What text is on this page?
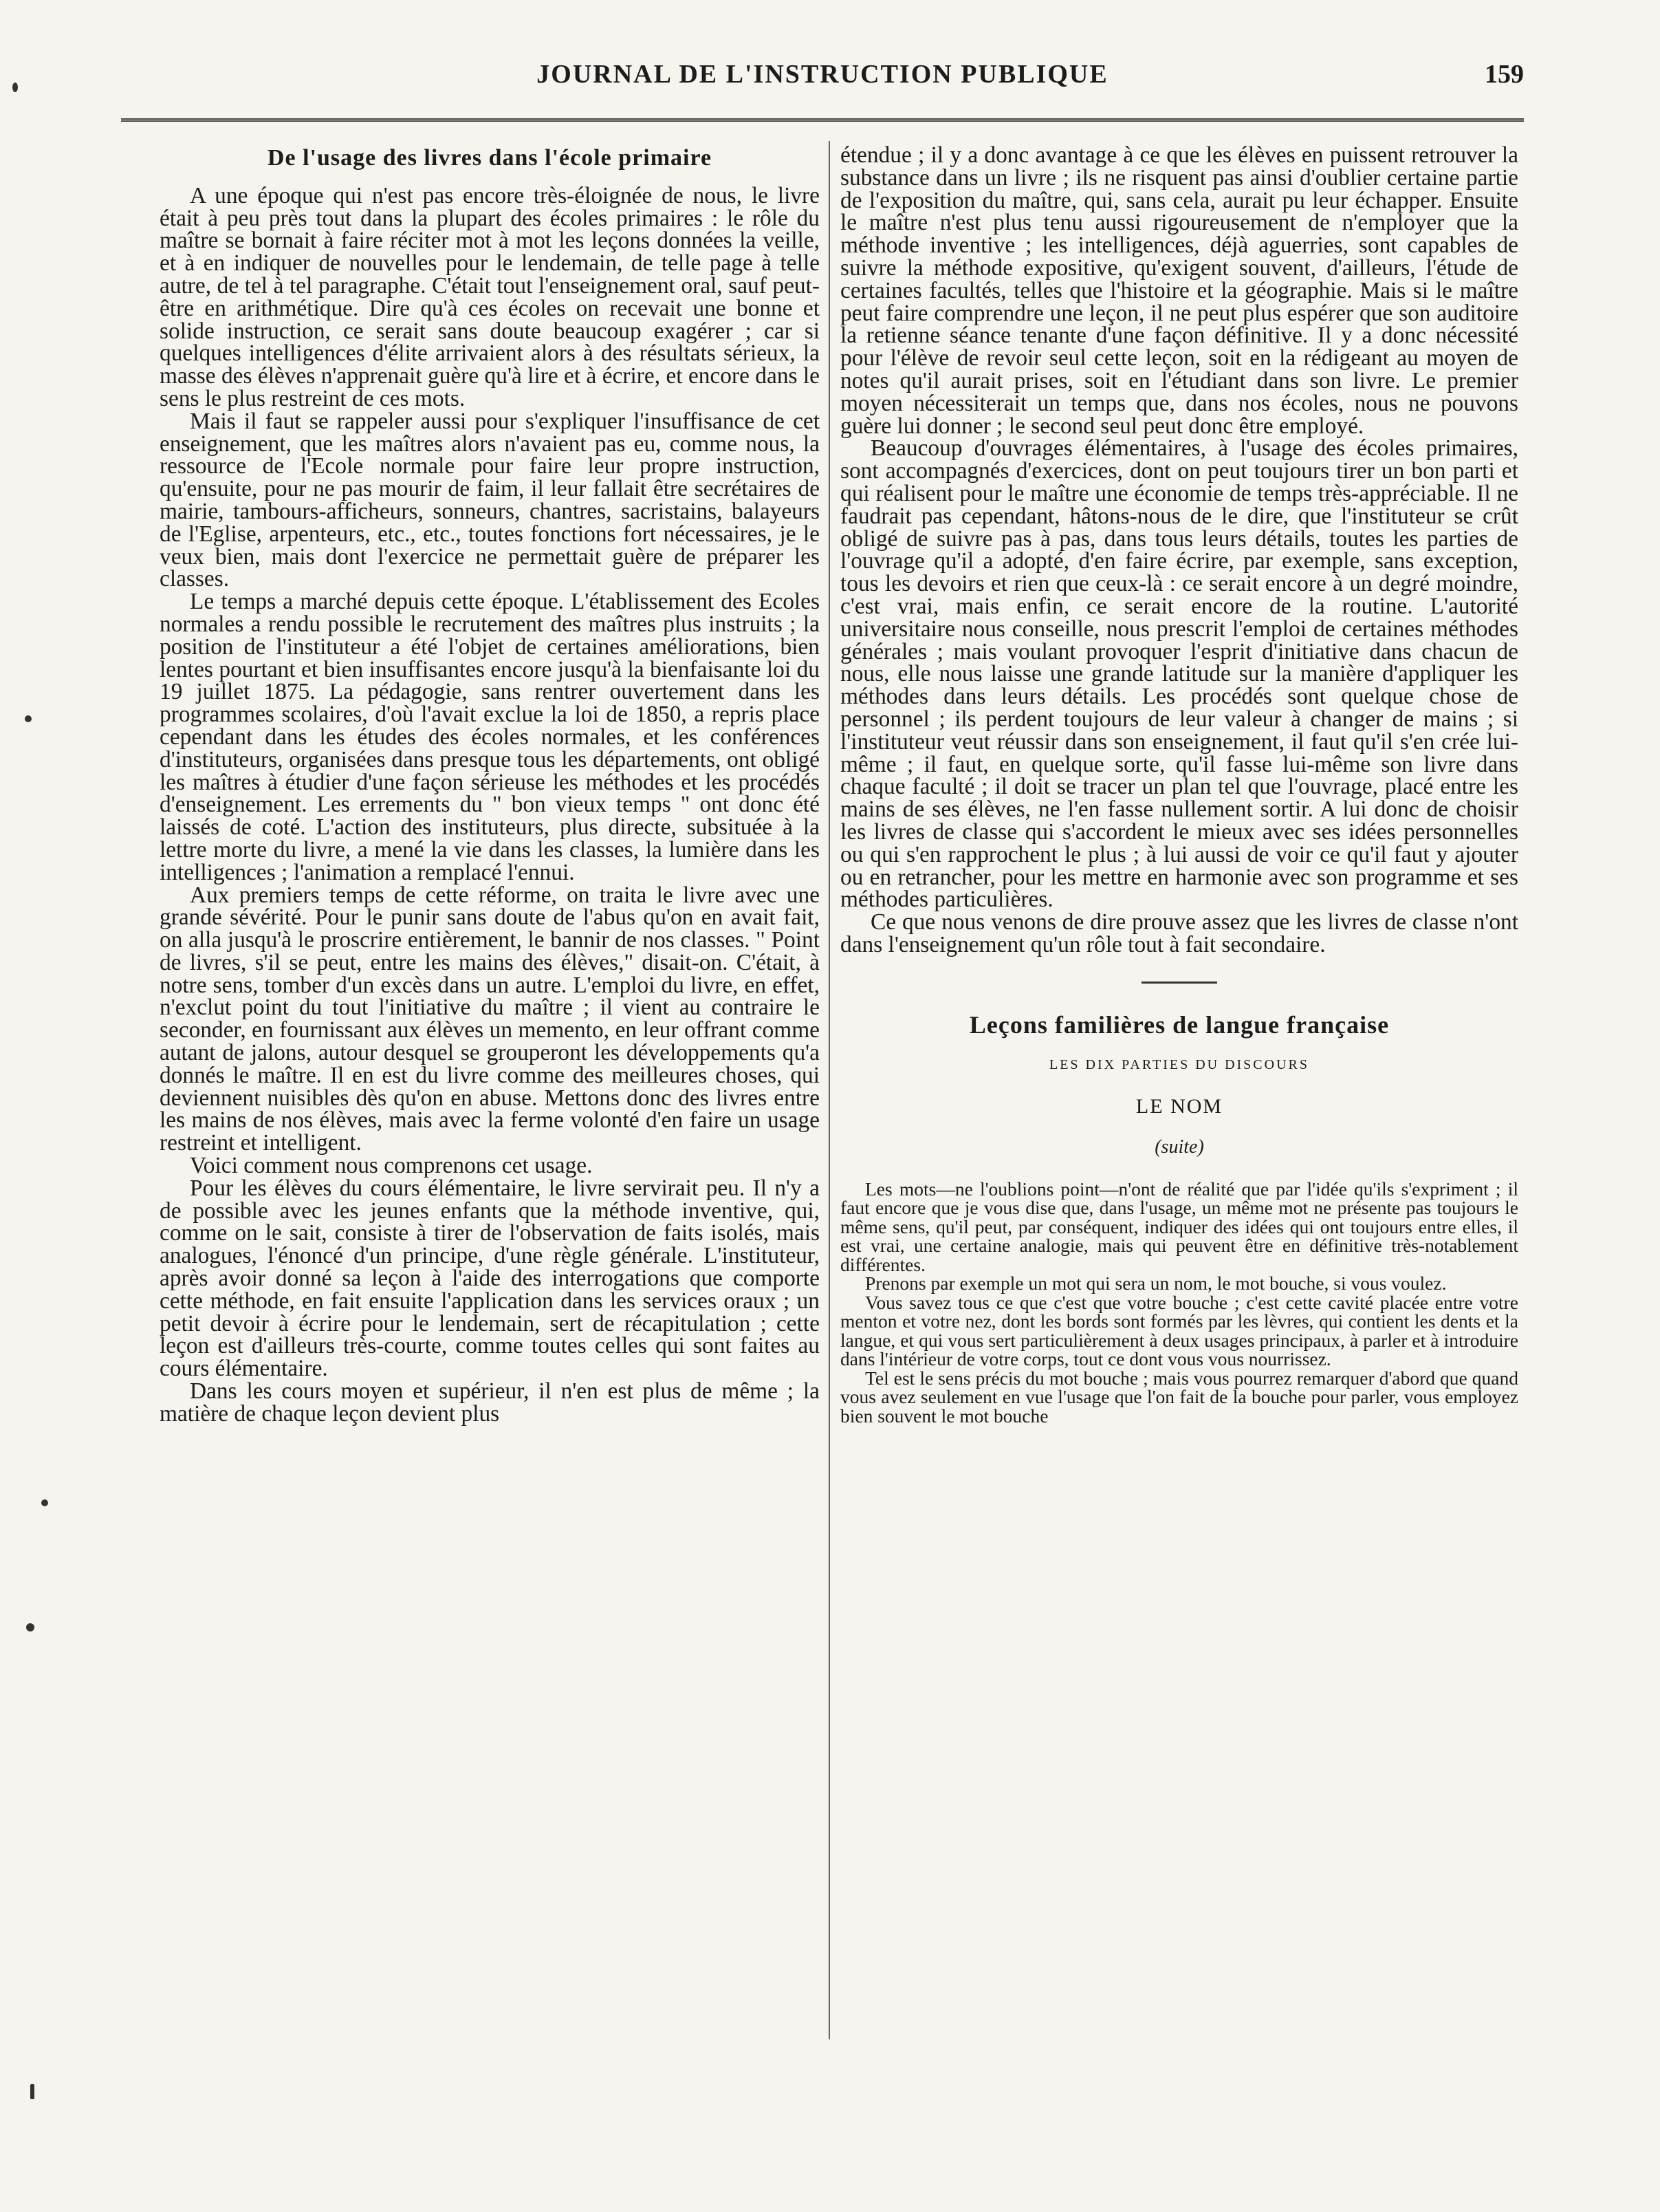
JOURNAL DE L'INSTRUCTION PUBLIQUE	159
De l'usage des livres dans l'école primaire

A une époque qui n'est pas encore très-éloignée de nous, le livre était à peu près tout dans la plupart des écoles primaires : le rôle du maître se bornait à faire réciter mot à mot les leçons données la veille, et à en indiquer de nouvelles pour le lendemain, de telle page à telle autre, de tel à tel paragraphe. C'était tout l'enseignement oral, sauf peut-être en arithmétique. Dire qu'à ces écoles on recevait une bonne et solide instruction, ce serait sans doute beaucoup exagérer ; car si quelques intelligences d'élite arrivaient alors à des résultats sérieux, la masse des élèves n'apprenait guère qu'à lire et à écrire, et encore dans le sens le plus restreint de ces mots.

Mais il faut se rappeler aussi pour s'expliquer l'insuffisance de cet enseignement, que les maîtres alors n'avaient pas eu, comme nous, la ressource de l'Ecole normale pour faire leur propre instruction, qu'ensuite, pour ne pas mourir de faim, il leur fallait être secrétaires de mairie, tambours-afficheurs, sonneurs, chantres, sacristains, balayeurs de l'Eglise, arpenteurs, etc., etc., toutes fonctions fort nécessaires, je le veux bien, mais dont l'exercice ne permettait guère de préparer les classes.

Le temps a marché depuis cette époque. L'établissement des Ecoles normales a rendu possible le recrutement des maîtres plus instruits ; la position de l'instituteur a été l'objet de certaines améliorations, bien lentes pourtant et bien insuffisantes encore jusqu'à la bienfaisante loi du 19 juillet 1875. La pédagogie, sans rentrer ouvertement dans les programmes scolaires, d'où l'avait exclue la loi de 1850, a repris place cependant dans les études des écoles normales, et les conférences d'instituteurs, organisées dans presque tous les départements, ont obligé les maîtres à étudier d'une façon sérieuse les méthodes et les procédés d'enseignement. Les errements du " bon vieux temps " ont donc été laissés de coté. L'action des instituteurs, plus directe, subsituée à la lettre morte du livre, a mené la vie dans les classes, la lumière dans les intelligences ; l'animation a remplacé l'ennui.

Aux premiers temps de cette réforme, on traita le livre avec une grande sévérité. Pour le punir sans doute de l'abus qu'on en avait fait, on alla jusqu'à le proscrire entièrement, le bannir de nos classes. " Point de livres, s'il se peut, entre les mains des élèves," disait-on. C'était, à notre sens, tomber d'un excès dans un autre. L'emploi du livre, en effet, n'exclut point du tout l'initiative du maître ; il vient au contraire le seconder, en fournissant aux élèves un memento, en leur offrant comme autant de jalons, autour desquel se grouperont les développements qu'a donnés le maître. Il en est du livre comme des meilleures choses, qui deviennent nuisibles dès qu'on en abuse. Mettons donc des livres entre les mains de nos élèves, mais avec la ferme volonté d'en faire un usage restreint et intelligent.

Voici comment nous comprenons cet usage.

Pour les élèves du cours élémentaire, le livre servirait peu. Il n'y a de possible avec les jeunes enfants que la méthode inventive, qui, comme on le sait, consiste à tirer de l'observation de faits isolés, mais analogues, l'énoncé d'un principe, d'une règle générale. L'instituteur, après avoir donné sa leçon à l'aide des interrogations que comporte cette méthode, en fait ensuite l'application dans les services oraux ; un petit devoir à écrire pour le lendemain, sert de récapitulation ; cette leçon est d'ailleurs très-courte, comme toutes celles qui sont faites au cours élémentaire.

Dans les cours moyen et supérieur, il n'en est plus de même ; la matière de chaque leçon devient plus

étendue ; il y a donc avantage à ce que les élèves en puissent retrouver la substance dans un livre ; ils ne risquent pas ainsi d'oublier certaine partie de l'exposition du maître, qui, sans cela, aurait pu leur échapper. Ensuite le maître n'est plus tenu aussi rigoureusement de n'employer que la méthode inventive ; les intelligences, déjà aguerries, sont capables de suivre la méthode expositive, qu'exigent souvent, d'ailleurs, l'étude de certaines facultés, telles que l'histoire et la géographie. Mais si le maître peut faire comprendre une leçon, il ne peut plus espérer que son auditoire la retienne séance tenante d'une façon définitive. Il y a donc nécessité pour l'élève de revoir seul cette leçon, soit en la rédigeant au moyen de notes qu'il aurait prises, soit en l'étudiant dans son livre. Le premier moyen nécessiterait un temps que, dans nos écoles, nous ne pouvons guère lui donner ; le second seul peut donc être employé.

Beaucoup d'ouvrages élémentaires, à l'usage des écoles primaires, sont accompagnés d'exercices, dont on peut toujours tirer un bon parti et qui réalisent pour le maître une économie de temps très-appréciable. Il ne faudrait pas cependant, hâtons-nous de le dire, que l'instituteur se crût obligé de suivre pas à pas, dans tous leurs détails, toutes les parties de l'ouvrage qu'il a adopté, d'en faire écrire, par exemple, sans exception, tous les devoirs et rien que ceux-là : ce serait encore à un degré moindre, c'est vrai, mais enfin, ce serait encore de la routine. L'autorité universitaire nous conseille, nous prescrit l'emploi de certaines méthodes générales ; mais voulant provoquer l'esprit d'initiative dans chacun de nous, elle nous laisse une grande latitude sur la manière d'appliquer les méthodes dans leurs détails. Les procédés sont quelque chose de personnel ; ils perdent toujours de leur valeur à changer de mains ; si l'instituteur veut réussir dans son enseignement, il faut qu'il s'en crée lui-même ; il faut, en quelque sorte, qu'il fasse lui-même son livre dans chaque faculté ; il doit se tracer un plan tel que l'ouvrage, placé entre les mains de ses élèves, ne l'en fasse nullement sortir. A lui donc de choisir les livres de classe qui s'accordent le mieux avec ses idées personnelles ou qui s'en rapprochent le plus ; à lui aussi de voir ce qu'il faut y ajouter ou en retrancher, pour les mettre en harmonie avec son programme et ses méthodes particulières.

Ce que nous venons de dire prouve assez que les livres de classe n'ont dans l'enseignement qu'un rôle tout à fait secondaire.

Leçons familières de langue française
LES DIX PARTIES DU DISCOURS
LE NOM
(suite)

Les mots—ne l'oublions point—n'ont de réalité que par l'idée qu'ils s'expriment ; il faut encore que je vous dise que, dans l'usage, un même mot ne présente pas toujours le même sens, qu'il peut, par conséquent, indiquer des idées qui ont toujours entre elles, il est vrai, une certaine analogie, mais qui peuvent être en définitive très-notablement différentes.

Prenons par exemple un mot qui sera un nom, le mot bouche, si vous voulez.

Vous savez tous ce que c'est que votre bouche ; c'est cette cavité placée entre votre menton et votre nez, dont les bords sont formés par les lèvres, qui contient les dents et la langue, et qui vous sert particulièrement à deux usages principaux, à parler et à introduire dans l'intérieur de votre corps, tout ce dont vous vous nourrissez.

Tel est le sens précis du mot bouche ; mais vous pourrez remarquer d'abord que quand vous avez seulement en vue l'usage que l'on fait de la bouche pour parler, vous employez bien souvent le mot bouche
